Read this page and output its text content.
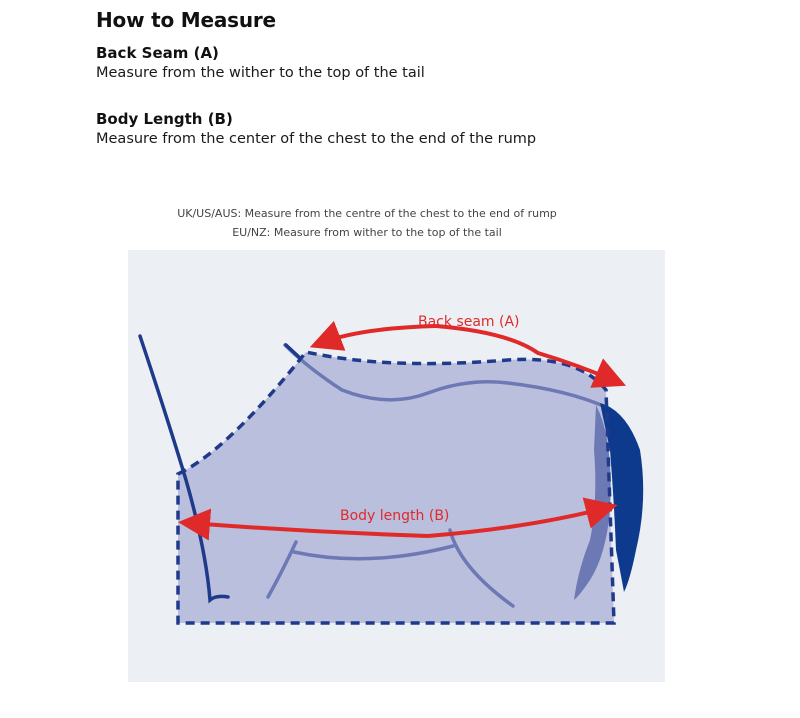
How to Measure

Back Seam (A)

Measure from the wither to the top of the tail

Body Length (B)

Measure from the center of the chest to the end of the rump

UK/US/AUS: Measure from the centre of the chest to the end of rump
EU/NZ: Measure from wither to the top of the tail
Back seam (A)
Body length (B)
